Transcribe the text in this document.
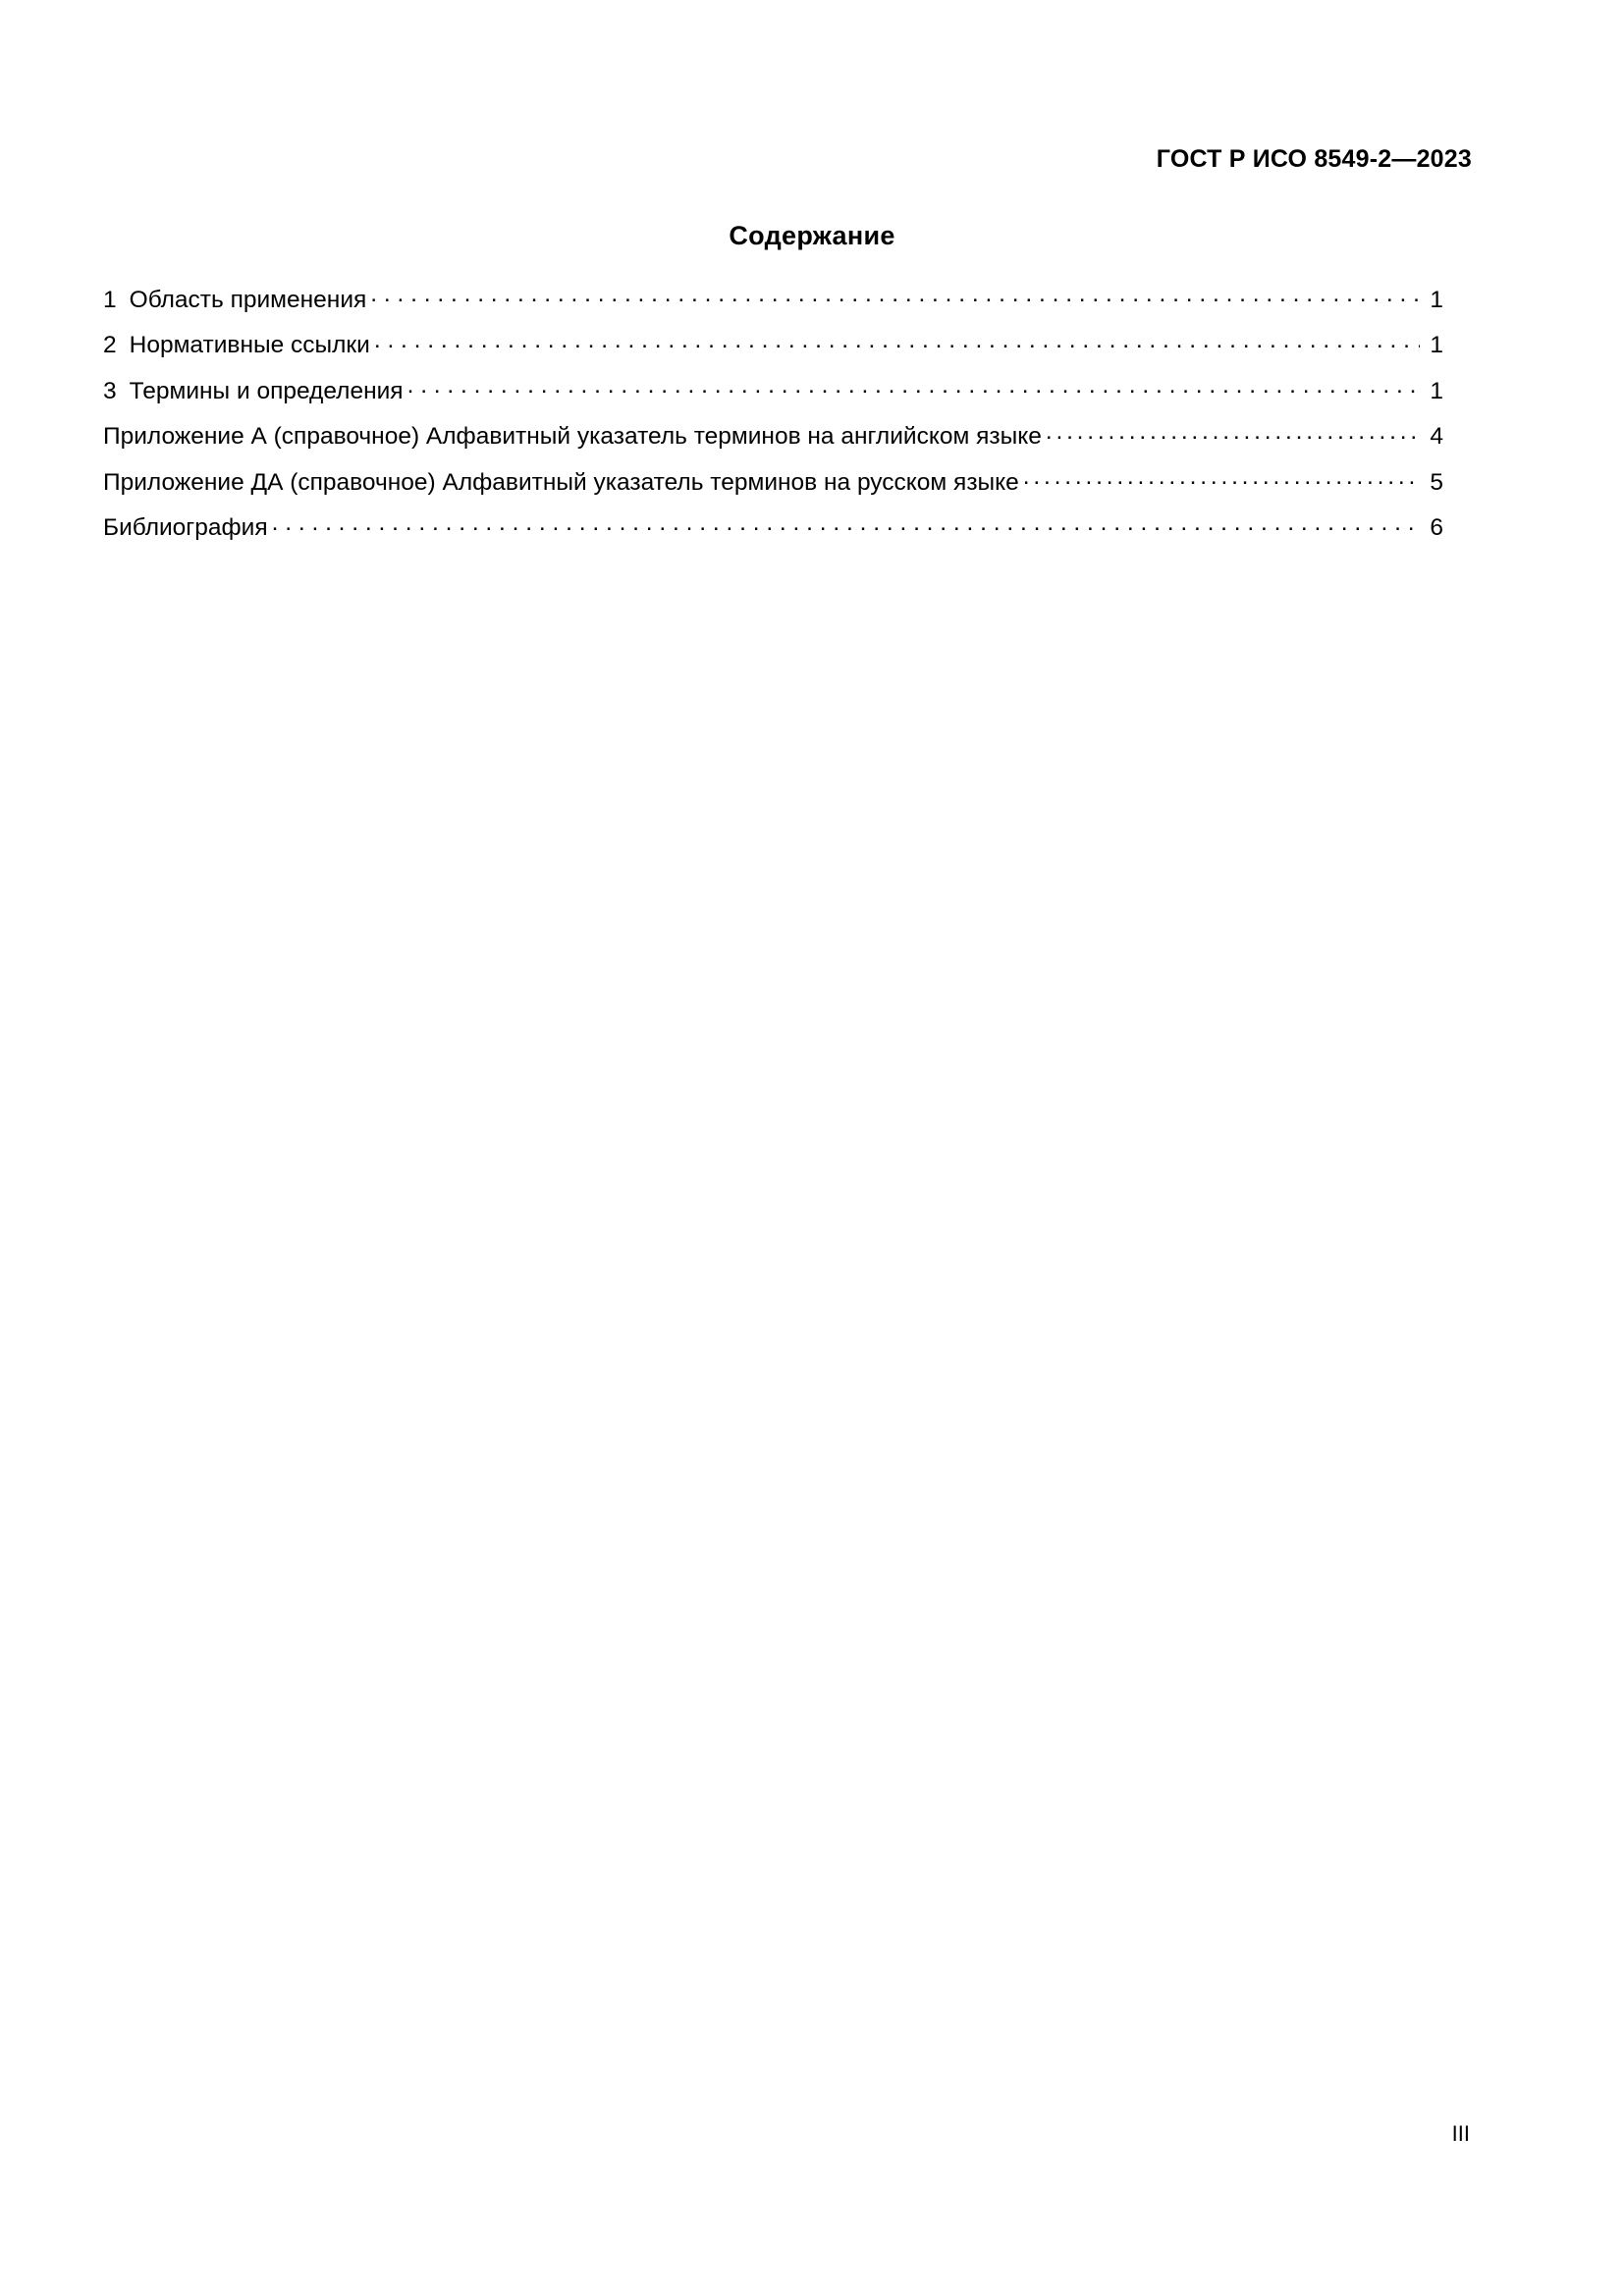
ГОСТ Р ИСО 8549-2—2023
Содержание
1 Область применения . . .	1
2 Нормативные ссылки . . .	1
3 Термины и определения . . .	1
Приложение А (справочное) Алфавитный указатель терминов на английском языке . . .	4
Приложение ДА (справочное) Алфавитный указатель терминов на русском языке . . .	5
Библиография . . .	6
III
